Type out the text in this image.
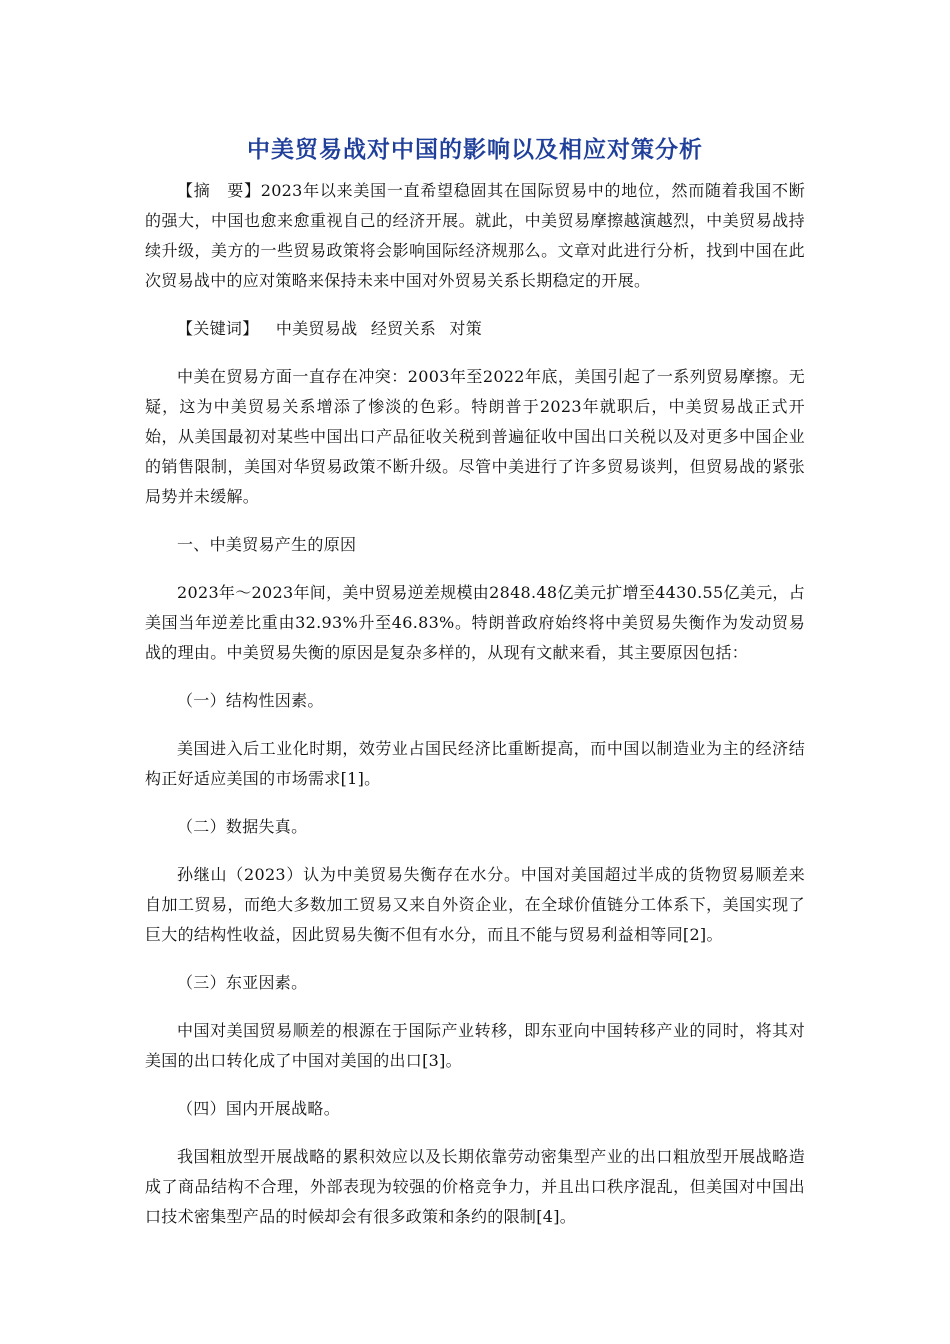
中美贸易战对中国的影响以及相应对策分析

【摘　要】2023年以来美国一直希望稳固其在国际贸易中的地位，然而随着我国不断的强大，中国也愈来愈重视自己的经济开展。就此，中美贸易摩擦越演越烈，中美贸易战持续升级，美方的一些贸易政策将会影响国际经济规那么。文章对此进行分析，找到中国在此次贸易战中的应对策略来保持未来中国对外贸易关系长期稳定的开展。

【关键词】 中美贸易战 经贸关系 对策

中美在贸易方面一直存在冲突：2003年至2022年底，美国引起了一系列贸易摩擦。无疑，这为中美贸易关系增添了惨淡的色彩。特朗普于2023年就职后，中美贸易战正式开始，从美国最初对某些中国出口产品征收关税到普遍征收中国出口关税以及对更多中国企业的销售限制，美国对华贸易政策不断升级。尽管中美进行了许多贸易谈判，但贸易战的紧张局势并未缓解。

一、中美贸易产生的原因

2023年～2023年间，美中贸易逆差规模由2848.48亿美元扩增至4430.55亿美元，占美国当年逆差比重由32.93%升至46.83%。特朗普政府始终将中美贸易失衡作为发动贸易战的理由。中美贸易失衡的原因是复杂多样的，从现有文献来看，其主要原因包括：

（一）结构性因素。

美国进入后工业化时期，效劳业占国民经济比重断提高，而中国以制造业为主的经济结构正好适应美国的市场需求[1]。

（二）数据失真。

孙继山（2023）认为中美贸易失衡存在水分。中国对美国超过半成的货物贸易顺差来自加工贸易，而绝大多数加工贸易又来自外资企业，在全球价值链分工体系下，美国实现了巨大的结构性收益，因此贸易失衡不但有水分，而且不能与贸易利益相等同[2]。

（三）东亚因素。

中国对美国贸易顺差的根源在于国际产业转移，即东亚向中国转移产业的同时，将其对美国的出口转化成了中国对美国的出口[3]。

（四）国内开展战略。

我国粗放型开展战略的累积效应以及长期依靠劳动密集型产业的出口粗放型开展战略造成了商品结构不合理，外部表现为较强的价格竞争力，并且出口秩序混乱，但美国对中国出口技术密集型产品的时候却会有很多政策和条约的限制[4]。
